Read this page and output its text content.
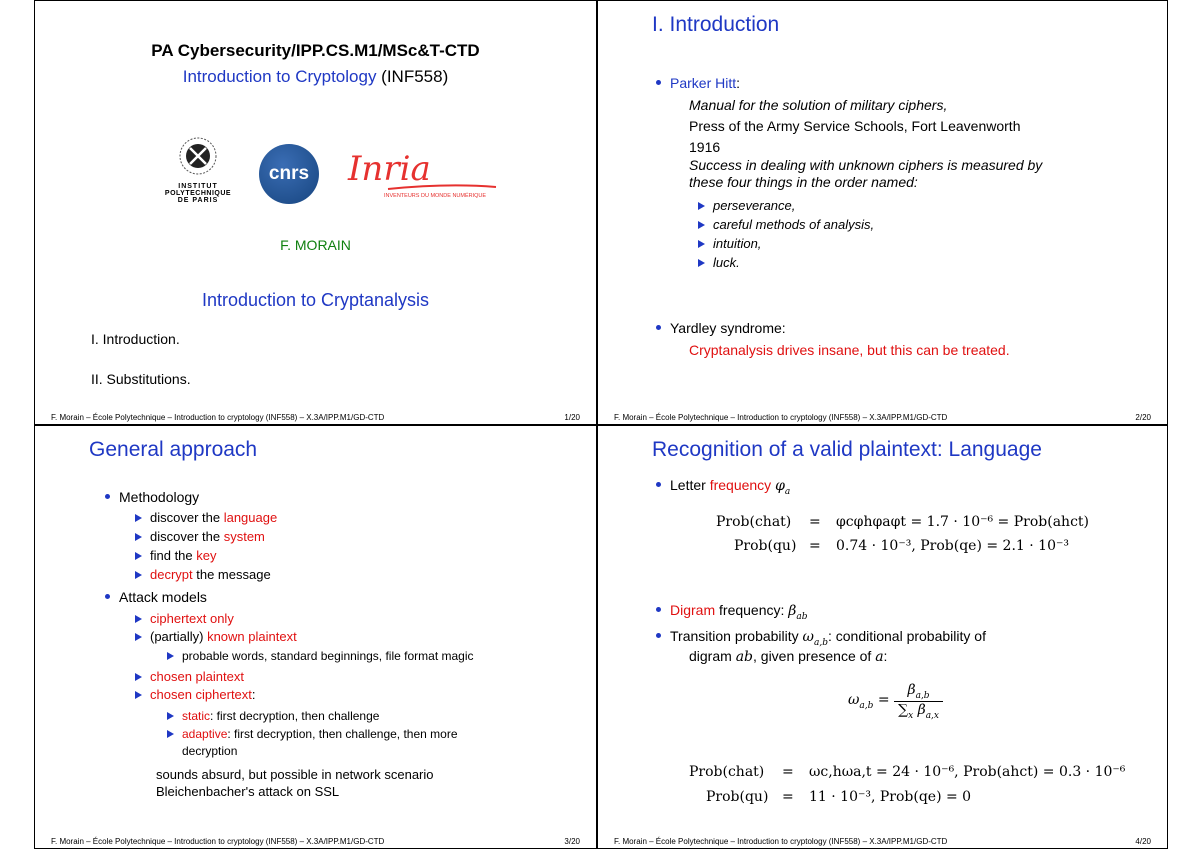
PA Cybersecurity/IPP.CS.M1/MSc&T-CTD
Introduction to Cryptology (INF558)
INSTITUT
POLYTECHNIQUE
DE PARIS
cnrs Inria
INVENTEURS DU MONDE NUMÉRIQUE
F. MORAIN
Introduction to Cryptanalysis
I. Introduction.
II. Substitutions.
F. Morain – École Polytechnique – Introduction to cryptology (INF558) – X.3A/IPP.M1/GD-CTD	1/20
I. Introduction
Parker Hitt:
Manual for the solution of military ciphers,
Press of the Army Service Schools, Fort Leavenworth
1916
Success in dealing with unknown ciphers is measured by
these four things in the order named:
perseverance,
careful methods of analysis,
intuition,
luck.
Yardley syndrome:
Cryptanalysis drives insane, but this can be treated.
F. Morain – École Polytechnique – Introduction to cryptology (INF558) – X.3A/IPP.M1/GD-CTD	2/20
General approach
Methodology
discover the language
discover the system
find the key
decrypt the message
Attack models
ciphertext only
(partially) known plaintext
probable words, standard beginnings, file format magic
chosen plaintext
chosen ciphertext:
static: first decryption, then challenge
adaptive: first decryption, then challenge, then more
decryption
sounds absurd, but possible in network scenario
Bleichenbacher's attack on SSL
F. Morain – École Polytechnique – Introduction to cryptology (INF558) – X.3A/IPP.M1/GD-CTD	3/20
Recognition of a valid plaintext: Language
Letter frequency $\varphi_a$
Prob(chat) = φcφhφaφt = 1.7 · 10⁻⁶ = Prob(ahct)
Prob(qu) = 0.74 · 10⁻³, Prob(qe) = 2.1 · 10⁻³
Digram frequency: $\beta_{ab}$
Transition probability $\omega_{a,b}$: conditional probability of
digram ab, given presence of a:
$\omega_{a,b} = \frac{\beta_{a,b}}{\sum_x \beta_{a,x}}$
Prob(chat) = ωc,hωa,t = 24 · 10⁻⁶, Prob(ahct) = 0.3 · 10⁻⁶
Prob(qu) = 11 · 10⁻³, Prob(qe) = 0
F. Morain – École Polytechnique – Introduction to cryptology (INF558) – X.3A/IPP.M1/GD-CTD	4/20
